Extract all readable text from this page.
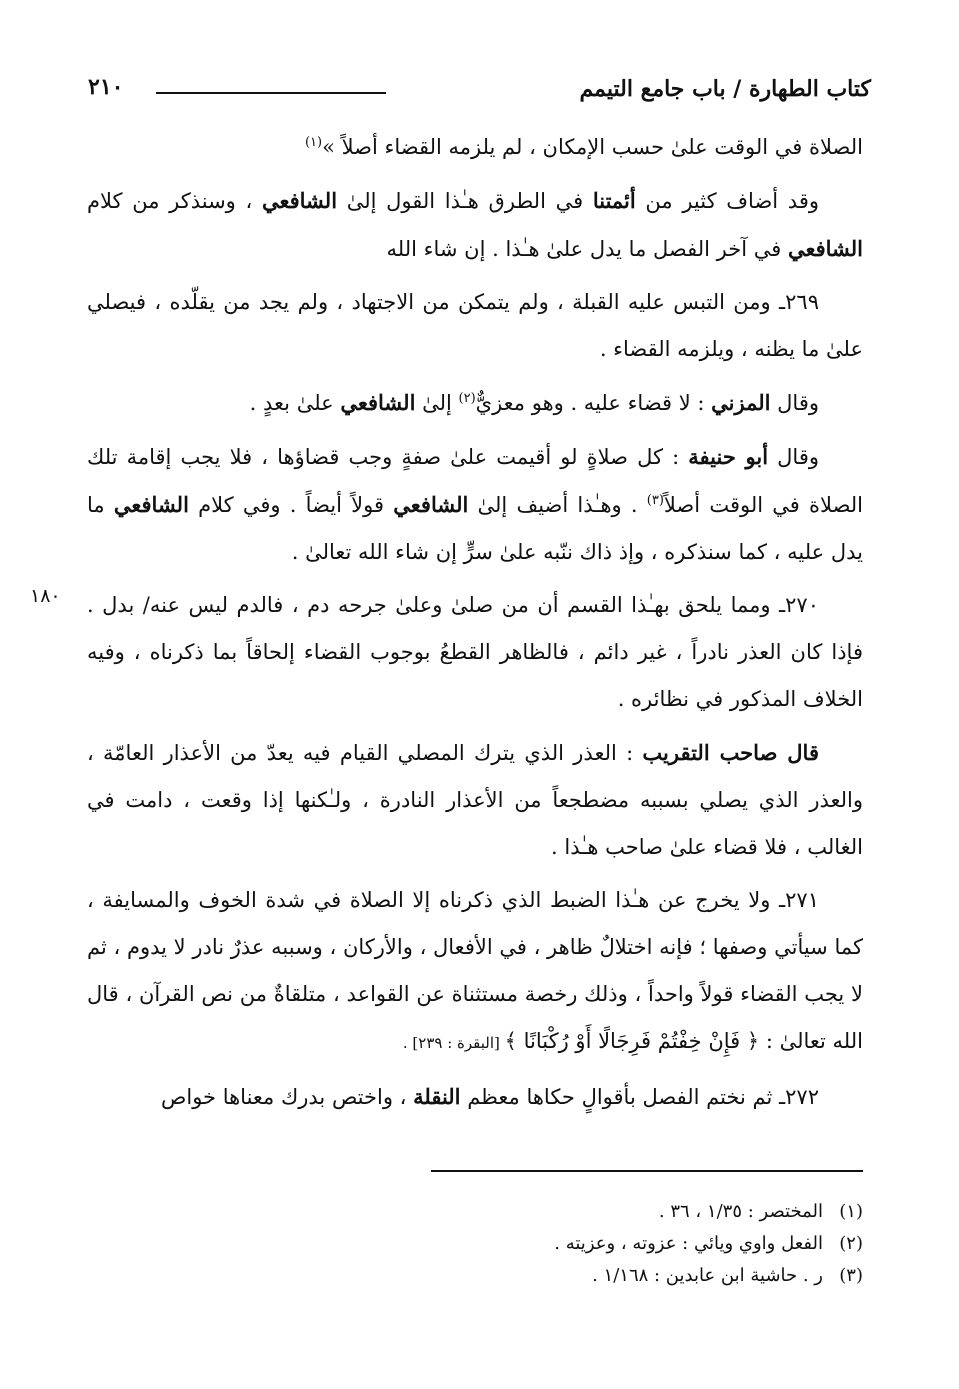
كتاب الطهارة / باب جامع التيمم
٢١٠
١٨٠

الصلاة في الوقت علىٰ حسب الإمكان ، لم يلزمه القضاء أصلاً »$^{(١)}$

وقد أضاف كثير من أئمتنا في الطرق هـٰذا القول إلىٰ الشافعي ، وسنذكر من كلام الشافعي في آخر الفصل ما يدل علىٰ هـٰذا . إن شاء الله

٢٦٩ـ ومن التبس عليه القبلة ، ولم يتمكن من الاجتهاد ، ولم يجد من يقلّده ، فيصلي علىٰ ما يظنه ، ويلزمه القضاء .

وقال المزني : لا قضاء عليه . وهو معزيٌّ$^{(٢)}$ إلىٰ الشافعي علىٰ بعدٍ .

وقال أبو حنيفة : كل صلاةٍ لو أقيمت علىٰ صفةٍ وجب قضاؤها ، فلا يجب إقامة تلك الصلاة في الوقت أصلاً$^{(٣)}$ . وهـٰذا أضيف إلىٰ الشافعي قولاً أيضاً . وفي كلام الشافعي ما يدل عليه ، كما سنذكره ، وإذ ذاك ننّبه علىٰ سرٍّ إن شاء الله تعالىٰ .

٢٧٠ـ ومما يلحق بهـٰذا القسم أن من صلىٰ وعلىٰ جرحه دم ، فالدم ليس عنه/ بدل . فإذا كان العذر نادراً ، غير دائم ، فالظاهر القطعُ بوجوب القضاء إلحاقاً بما ذكرناه ، وفيه الخلاف المذكور في نظائره .

قال صاحب التقريب : العذر الذي يترك المصلي القيام فيه يعدّ من الأعذار العامّة ، والعذر الذي يصلي بسببه مضطجعاً من الأعذار النادرة ، ولـٰكنها إذا وقعت ، دامت في الغالب ، فلا قضاء علىٰ صاحب هـٰذا .

٢٧١ـ ولا يخرج عن هـٰذا الضبط الذي ذكرناه إلا الصلاة في شدة الخوف والمسايفة ، كما سيأتي وصفها ؛ فإنه اختلالٌ ظاهر ، في الأفعال ، والأركان ، وسببه عذرٌ نادر لا يدوم ، ثم لا يجب القضاء قولاً واحداً ، وذلك رخصة مستثناة عن القواعد ، متلقاةٌ من نص القرآن ، قال الله تعالىٰ : ﴿ فَإِنْ خِفْتُمْ فَرِجَالًا أَوْ رُكْبَانًا ﴾ [البقرة : ٢٣٩] .

٢٧٢ـ ثم نختم الفصل بأقوالٍ حكاها معظم النقلة ، واختص بدرك معناها خواص

(١)المختصر : ١/٣٥ ، ٣٦ .
(٢)الفعل واوي ويائي : عزوته ، وعزيته .
(٣)ر . حاشية ابن عابدين : ١/١٦٨ .
